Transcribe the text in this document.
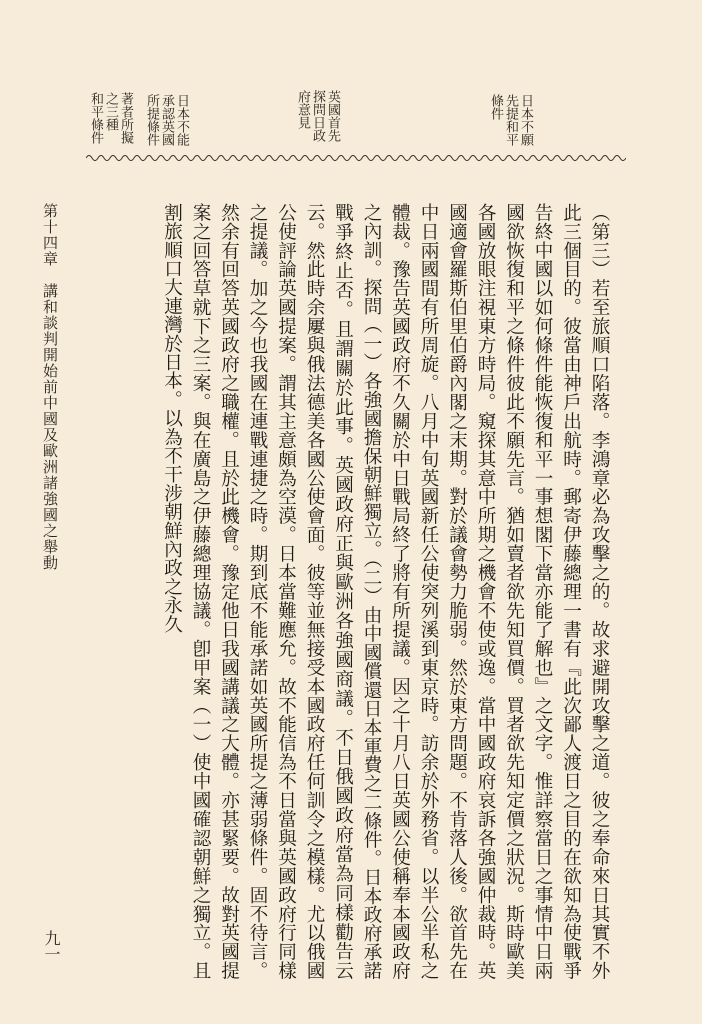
日本不願
先提和平
條件
英國首先
探問日政
府意見
日本不能
承認英國
所提條件
著者所擬
之三種
和平條件

（第三）若至旅順口陷落。李鴻章必為攻擊之的。故求避開攻擊之道。彼之奉命來日其實不外此三個目的。彼當由神戶出航時。郵寄伊藤總理一書有『此次鄙人渡日之目的在欲知為使戰爭告終中國以如何條件能恢復和平一事想閣下當亦能了解也』之文字。惟詳察當日之事情中日兩國欲恢復和平之條件彼此不願先言。猶如賣者欲先知買價。買者欲先知定價之狀況。斯時歐美各國放眼注視東方時局。窺探其意中所期之機會不使或逸。當中國政府哀訴各強國仲裁時。英國適會羅斯伯里伯爵內閣之末期。對於議會勢力脆弱。然於東方問題。不肯落人後。欲首先在中日兩國間有所周旋。八月中旬英國新任公使突列溪到東京時。訪余於外務省。以半公半私之體裁。豫告英國政府不久關於中日戰局終了將有所提議。因之十月八日英國公使稱奉本國政府之內訓。探問（一）各強國擔保朝鮮獨立。（二）由中國償還日本軍費之二條件。日本政府承諾戰爭終止否。且謂關於此事。英國政府正與歐洲各強國商議。不日俄國政府當為同樣勸告云云。然此時余屢與俄法德美各國公使會面。彼等並無接受本國政府任何訓令之模樣。尤以俄國公使評論英國提案。謂其主意頗為空漠。日本當難應允。故不能信為不日當與英國政府行同樣之提議。加之今也我國在連戰連捷之時。期到底不能承諾如英國所提之薄弱條件。固不待言。然余有回答英國政府之職權。且於此機會。豫定他日我國講議之大體。亦甚緊要。故對英國提案之回答草就下之三案。與在廣島之伊藤總理協議。卽甲案（一）使中國確認朝鮮之獨立。且割旅順口大連灣於日本。以為不干涉朝鮮內政之永久

第十四章　講和談判開始前中國及歐洲諸強國之舉動
九一
